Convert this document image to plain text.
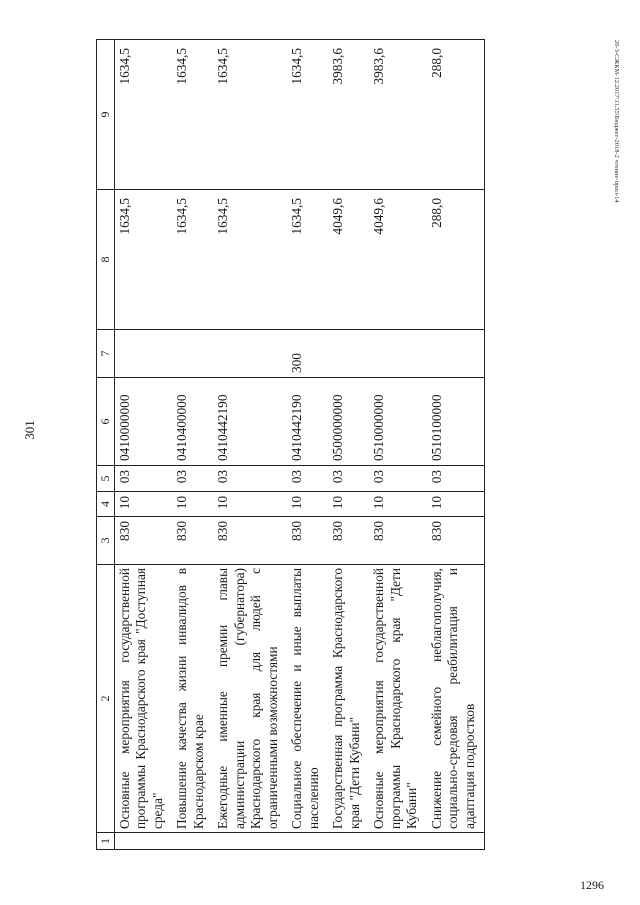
301
20-3-СЖКМ-12.2017\11.55\Бюджет-2018-2 чтение-прил-14
1296
1	2	3	4	5	6	7	8	9
	Основные мероприятия государственной программы Краснодарского края "Доступная среда"	830	10	03	0410000000		1634,5	1634,5
	Повышение качества жизни инвалидов в Краснодарском крае	830	10	03	0410400000		1634,5	1634,5
	Ежегодные именные премии главы администрации (губернатора) Краснодарского края для людей с ограниченными возможностями	830	10	03	0410442190		1634,5	1634,5
	Социальное обеспечение и иные выплаты населению	830	10	03	0410442190	300	1634,5	1634,5
	Государственная программа Краснодарского края "Дети Кубани"	830	10	03	0500000000		4049,6	3983,6
	Основные мероприятия государственной программы Краснодарского края "Дети Кубани"	830	10	03	0510000000		4049,6	3983,6
	Снижение семейного неблагополучия, социально-средовая реабилитация и адаптация подростков	830	10	03	0510100000		288,0	288,0
